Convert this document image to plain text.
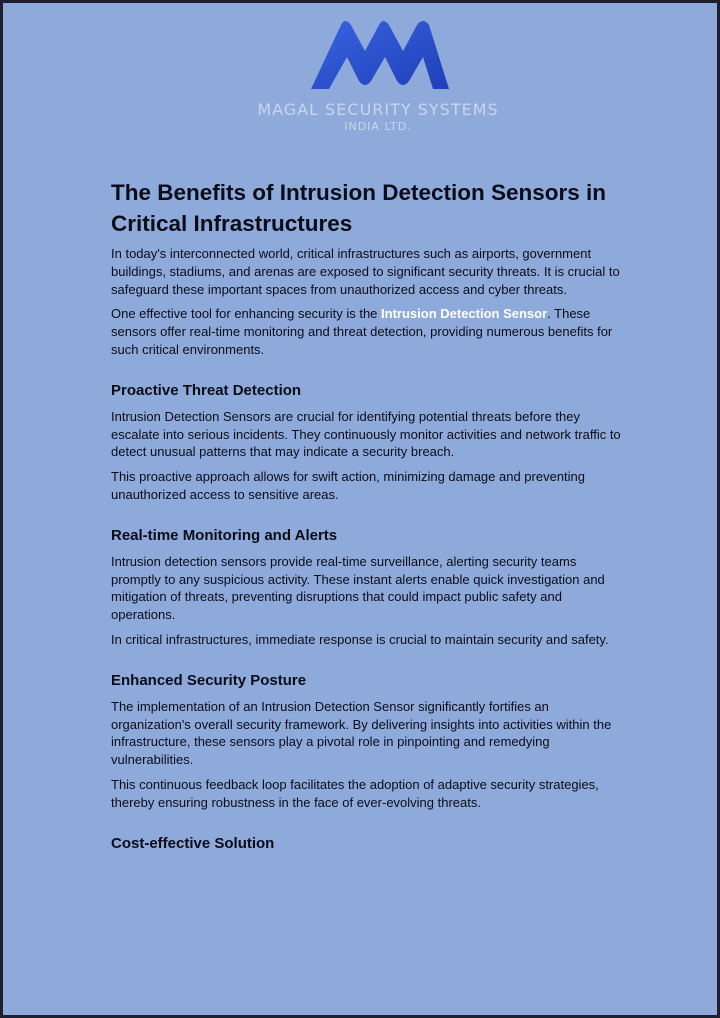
MAGAL SECURITY SYSTEMS
INDIA LTD.
The Benefits of Intrusion Detection Sensors in Critical Infrastructures

In today's interconnected world, critical infrastructures such as airports, government buildings, stadiums, and arenas are exposed to significant security threats. It is crucial to safeguard these important spaces from unauthorized access and cyber threats.

One effective tool for enhancing security is the Intrusion Detection Sensor. These sensors offer real-time monitoring and threat detection, providing numerous benefits for such critical environments.

Proactive Threat Detection

Intrusion Detection Sensors are crucial for identifying potential threats before they escalate into serious incidents. They continuously monitor activities and network traffic to detect unusual patterns that may indicate a security breach.

This proactive approach allows for swift action, minimizing damage and preventing unauthorized access to sensitive areas.

Real-time Monitoring and Alerts

Intrusion detection sensors provide real-time surveillance, alerting security teams promptly to any suspicious activity. These instant alerts enable quick investigation and mitigation of threats, preventing disruptions that could impact public safety and operations.

In critical infrastructures, immediate response is crucial to maintain security and safety.

Enhanced Security Posture

The implementation of an Intrusion Detection Sensor significantly fortifies an organization's overall security framework. By delivering insights into activities within the infrastructure, these sensors play a pivotal role in pinpointing and remedying vulnerabilities.

This continuous feedback loop facilitates the adoption of adaptive security strategies, thereby ensuring robustness in the face of ever-evolving threats.

Cost-effective Solution
